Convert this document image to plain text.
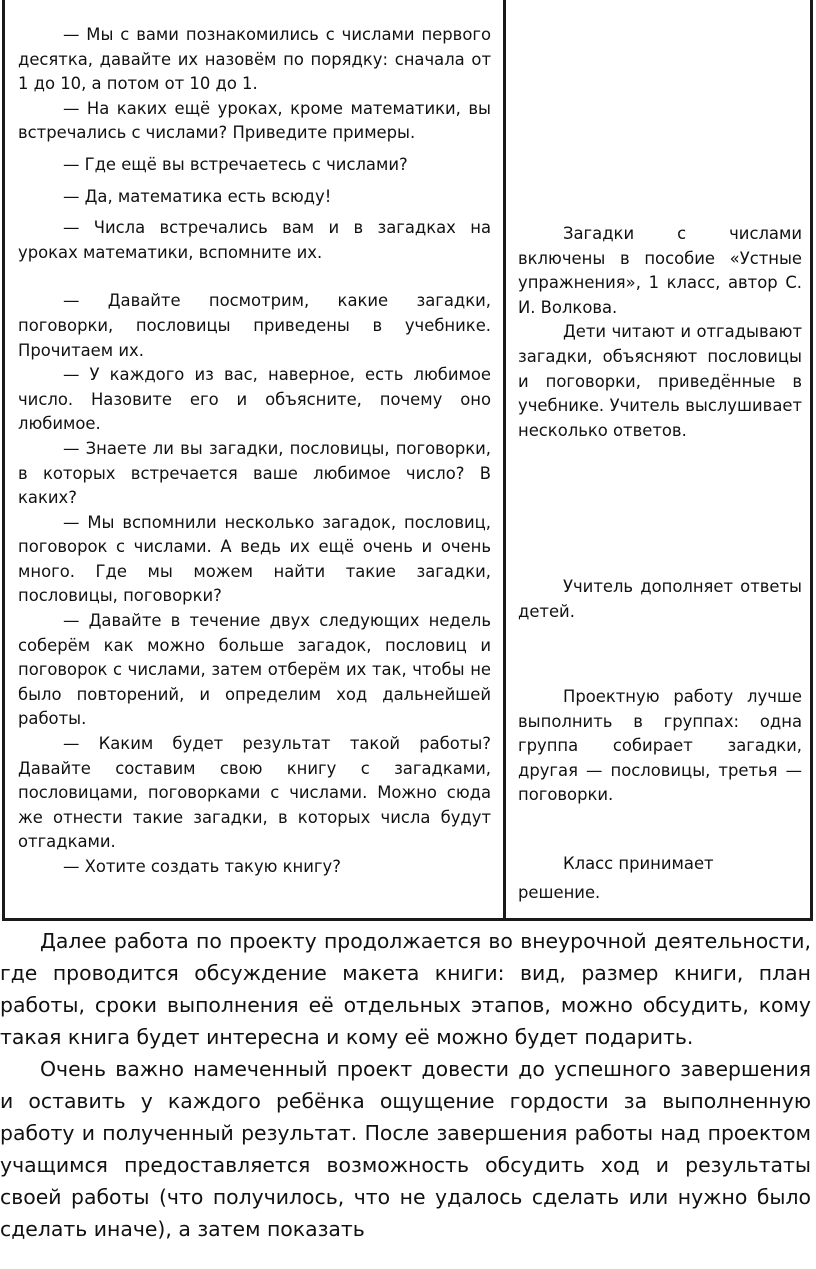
— Мы с вами познакомились с числами первого десятка, давайте их назовём по порядку: сначала от 1 до 10, а потом от 10 до 1.

— На каких ещё уроках, кроме математики, вы встречались с числами? Приведите примеры.

— Где ещё вы встречаетесь с числами?

— Да, математика есть всюду!

— Числа встречались вам и в загадках на уроках математики, вспомните их.

— Давайте посмотрим, какие загадки, поговорки, пословицы приведены в учебнике. Прочитаем их.

— У каждого из вас, наверное, есть любимое число. Назовите его и объясните, почему оно любимое.

— Знаете ли вы загадки, пословицы, поговорки, в которых встречается ваше любимое число? В каких?

— Мы вспомнили несколько загадок, пословиц, поговорок с числами. А ведь их ещё очень и очень много. Где мы можем найти такие загадки, пословицы, поговорки?

— Давайте в течение двух следующих недель соберём как можно больше загадок, пословиц и поговорок с числами, затем отберём их так, чтобы не было повторений, и определим ход дальнейшей работы.

— Каким будет результат такой работы? Давайте составим свою книгу с загадками, пословицами, поговорками с числами. Можно сюда же отнести такие загадки, в которых числа будут отгадками.

— Хотите создать такую книгу?

Загадки с числами включены в пособие «Устные упражнения», 1 класс, автор С. И. Волкова.

Дети читают и отгадывают загадки, объясняют пословицы и поговорки, приведённые в учебнике. Учитель выслушивает несколько ответов.

Учитель дополняет ответы детей.

Проектную работу лучше выполнить в группах: одна группа собирает загадки, другая — пословицы, третья — поговорки.

Класс принимает

решение.

Далее работа по проекту продолжается во внеурочной деятельности, где проводится обсуждение макета книги: вид, размер книги, план работы, сроки выполнения её отдельных этапов, можно обсудить, кому такая книга будет интересна и кому её можно будет подарить.

Очень важно намеченный проект довести до успешного завершения и оставить у каждого ребёнка ощущение гордости за выполненную работу и полученный результат. После завершения работы над проектом учащимся предоставляется возможность обсудить ход и результаты своей работы (что получилось, что не удалось сделать или нужно было сделать иначе), а затем показать
